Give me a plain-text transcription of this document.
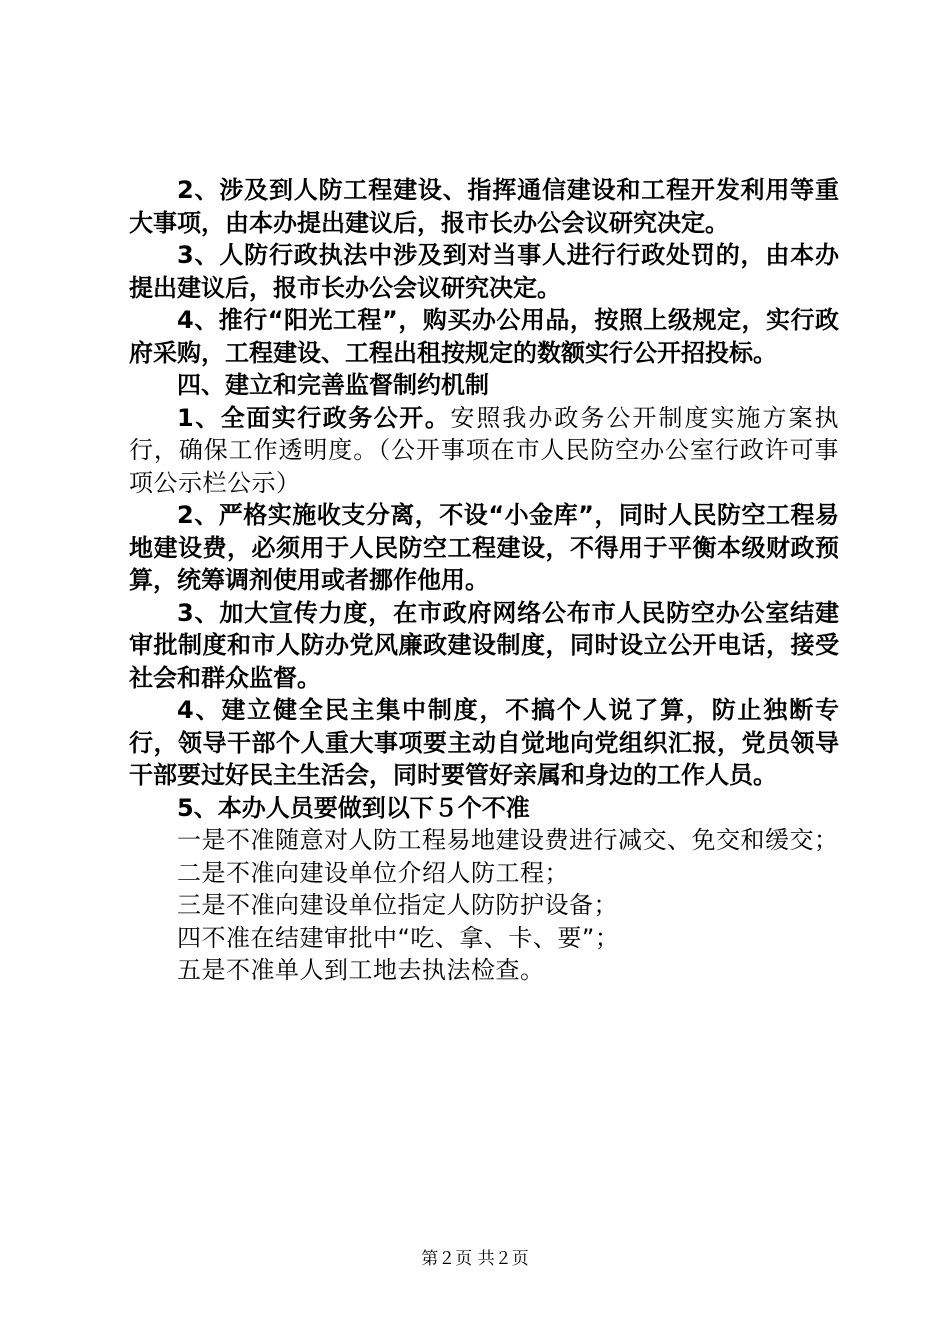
2、涉及到人防工程建设、指挥通信建设和工程开发利用等重大事项，由本办提出建议后，报市长办公会议研究决定。

3、人防行政执法中涉及到对当事人进行行政处罚的，由本办提出建议后，报市长办公会议研究决定。

4、推行“阳光工程”，购买办公用品，按照上级规定，实行政府采购，工程建设、工程出租按规定的数额实行公开招投标。

四、建立和完善监督制约机制

1、全面实行政务公开。安照我办政务公开制度实施方案执行，确保工作透明度。（公开事项在市人民防空办公室行政许可事项公示栏公示）

2、严格实施收支分离，不设“小金库”，同时人民防空工程易地建设费，必须用于人民防空工程建设，不得用于平衡本级财政预算，统筹调剂使用或者挪作他用。

3、加大宣传力度，在市政府网络公布市人民防空办公室结建审批制度和市人防办党风廉政建设制度，同时设立公开电话，接受社会和群众监督。

4、建立健全民主集中制度，不搞个人说了算，防止独断专行，领导干部个人重大事项要主动自觉地向党组织汇报，党员领导干部要过好民主生活会，同时要管好亲属和身边的工作人员。

5、本办人员要做到以下５个不准

一是不准随意对人防工程易地建设费进行减交、免交和缓交；

二是不准向建设单位介绍人防工程；

三是不准向建设单位指定人防防护设备；

四不准在结建审批中“吃、拿、卡、要”；

五是不准单人到工地去执法检查。

第２页 共２页
